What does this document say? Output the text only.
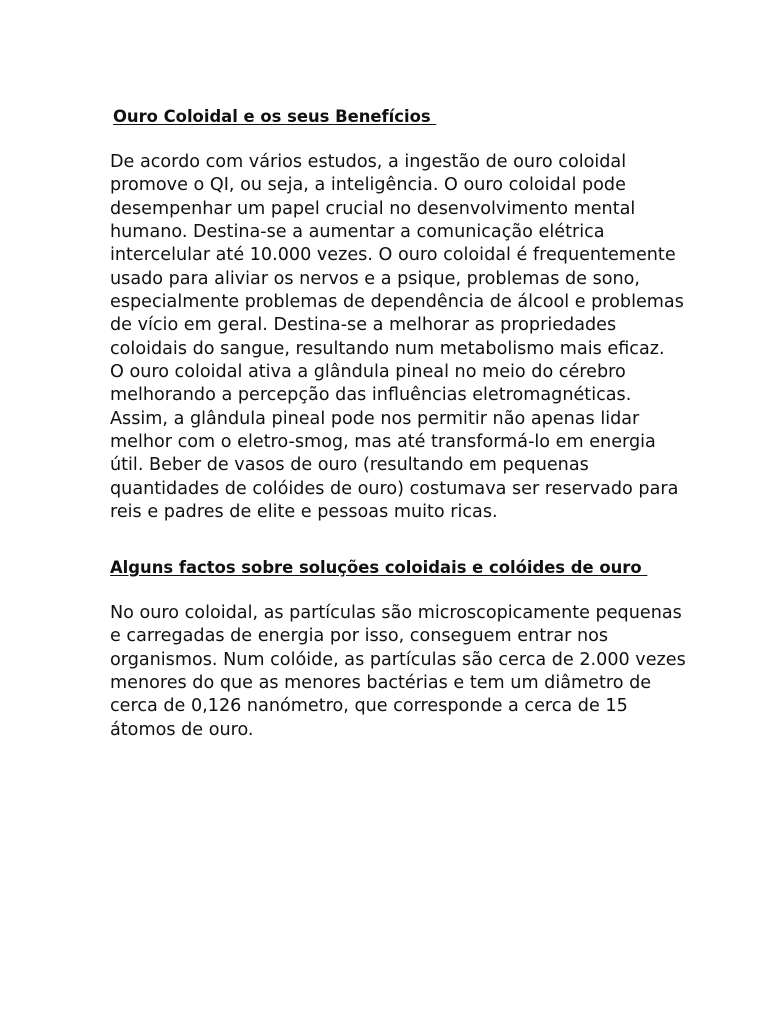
Ouro Coloidal e os seus Benefícios

De acordo com vários estudos, a ingestão de ouro coloidal
promove o QI, ou seja, a inteligência. O ouro coloidal pode
desempenhar um papel crucial no desenvolvimento mental
humano. Destina-se a aumentar a comunicação elétrica
intercelular até 10.000 vezes. O ouro coloidal é frequentemente
usado para aliviar os nervos e a psique, problemas de sono,
especialmente problemas de dependência de álcool e problemas
de vício em geral. Destina-se a melhorar as propriedades
coloidais do sangue, resultando num metabolismo mais eficaz.
O ouro coloidal ativa a glândula pineal no meio do cérebro
melhorando a percepção das influências eletromagnéticas.
Assim, a glândula pineal pode nos permitir não apenas lidar
melhor com o eletro-smog, mas até transformá-lo em energia
útil. Beber de vasos de ouro (resultando em pequenas
quantidades de colóides de ouro) costumava ser reservado para
reis e padres de elite e pessoas muito ricas.

Alguns factos sobre soluções coloidais e colóides de ouro

No ouro coloidal, as partículas são microscopicamente pequenas
e carregadas de energia por isso, conseguem entrar nos
organismos. Num colóide, as partículas são cerca de 2.000 vezes
menores do que as menores bactérias e tem um diâmetro de
cerca de 0,126 nanómetro, que corresponde a cerca de 15
átomos de ouro.
